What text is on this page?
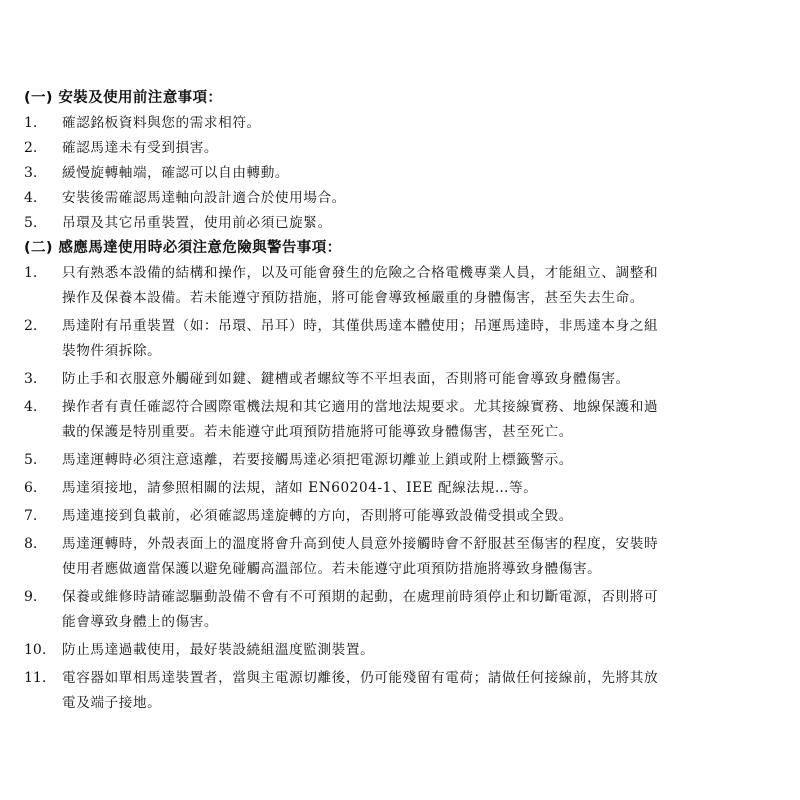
(一) 安裝及使用前注意事項：
1. 確認銘板資料與您的需求相符。
2. 確認馬達未有受到損害。
3. 緩慢旋轉軸端，確認可以自由轉動。
4. 安裝後需確認馬達軸向設計適合於使用場合。
5. 吊環及其它吊重裝置，使用前必須已旋緊。
(二) 感應馬達使用時必須注意危險與警告事項：
1. 只有熟悉本設備的結構和操作，以及可能會發生的危險之合格電機專業人員，才能組立、調整和
操作及保養本設備。若未能遵守預防措施，將可能會導致極嚴重的身體傷害，甚至失去生命。
2. 馬達附有吊重裝置（如：吊環、吊耳）時，其僅供馬達本體使用；吊運馬達時，非馬達本身之組
裝物件須拆除。
3. 防止手和衣服意外觸碰到如鍵、鍵槽或者螺紋等不平坦表面，否則將可能會導致身體傷害。
4. 操作者有責任確認符合國際電機法規和其它適用的當地法規要求。尤其接線實務、地線保護和過
載的保護是特別重要。若未能遵守此項預防措施將可能導致身體傷害，甚至死亡。
5. 馬達運轉時必須注意遠離，若要接觸馬達必須把電源切離並上鎖或附上標籤警示。
6. 馬達須接地，請參照相關的法規，諸如 EN60204-1、IEE 配線法規…等。
7. 馬達連接到負載前，必須確認馬達旋轉的方向，否則將可能導致設備受損或全毀。
8. 馬達運轉時，外殼表面上的溫度將會升高到使人員意外接觸時會不舒服甚至傷害的程度，安裝時
使用者應做適當保護以避免碰觸高溫部位。若未能遵守此項預防措施將導致身體傷害。
9. 保養或維修時請確認驅動設備不會有不可預期的起動，在處理前時須停止和切斷電源，否則將可
能會導致身體上的傷害。
10. 防止馬達過載使用，最好裝設繞組溫度監測裝置。
11. 電容器如單相馬達裝置者，當與主電源切離後，仍可能殘留有電荷；請做任何接線前，先將其放
電及端子接地。
